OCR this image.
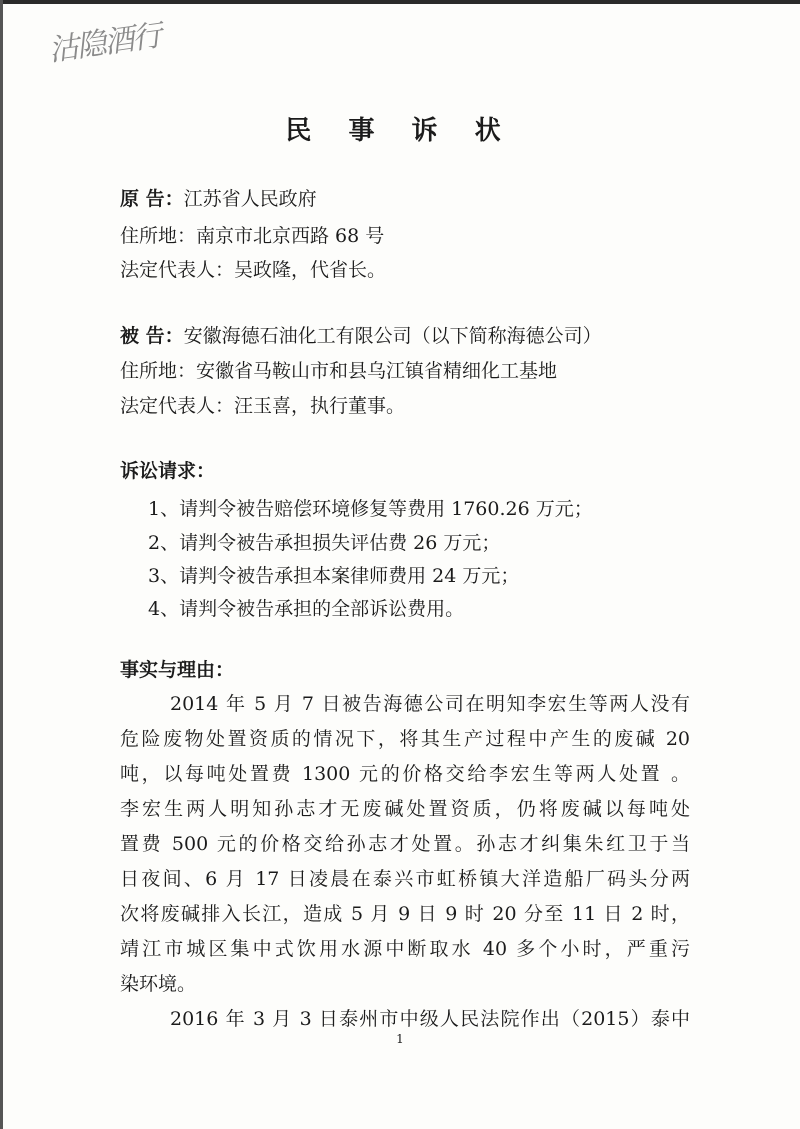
沽隐酒行
民 事 诉 状
原 告：江苏省人民政府
住所地：南京市北京西路 68 号
法定代表人：吴政隆，代省长。
被 告：安徽海德石油化工有限公司（以下简称海德公司）
住所地：安徽省马鞍山市和县乌江镇省精细化工基地
法定代表人：汪玉喜，执行董事。
诉讼请求：
1、请判令被告赔偿环境修复等费用 1760.26 万元；
2、请判令被告承担损失评估费 26 万元；
3、请判令被告承担本案律师费用 24 万元；
4、请判令被告承担的全部诉讼费用。
事实与理由：
2014 年 5 月 7 日被告海德公司在明知李宏生等两人没有
危险废物处置资质的情况下，将其生产过程中产生的废碱 20
吨，以每吨处置费 1300 元的价格交给李宏生等两人处置 。
李宏生两人明知孙志才无废碱处置资质，仍将废碱以每吨处
置费 500 元的价格交给孙志才处置。孙志才纠集朱红卫于当
日夜间、6 月 17 日凌晨在泰兴市虹桥镇大洋造船厂码头分两
次将废碱排入长江，造成 5 月 9 日 9 时 20 分至 11 日 2 时，
靖江市城区集中式饮用水源中断取水 40 多个小时，严重污
染环境。
2016 年 3 月 3 日泰州市中级人民法院作出（2015）泰中
1
